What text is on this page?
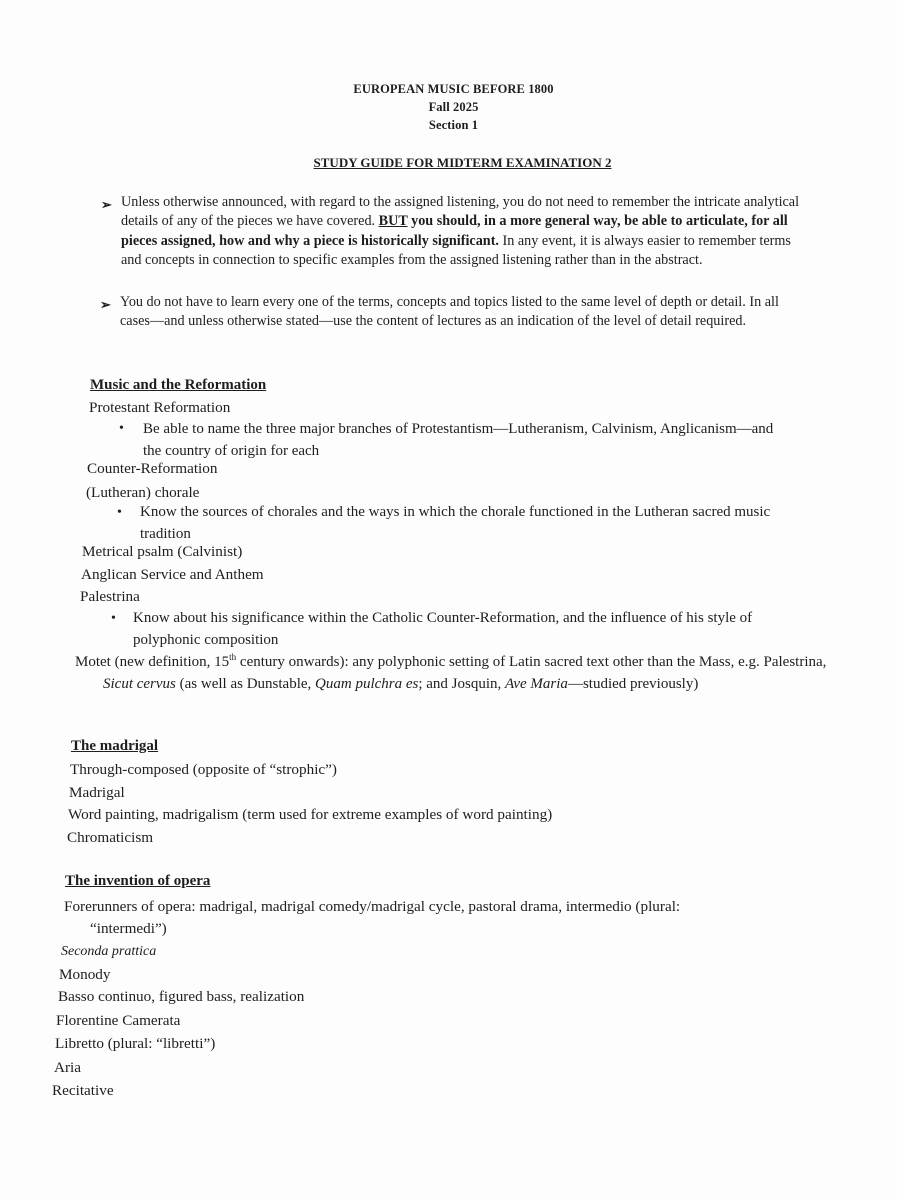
EUROPEAN MUSIC BEFORE 1800
Fall 2025
Section 1
STUDY GUIDE FOR MIDTERM EXAMINATION 2
➢ Unless otherwise announced, with regard to the assigned listening, you do not need to remember the intricate analytical details of any of the pieces we have covered. BUT you should, in a more general way, be able to articulate, for all pieces assigned, how and why a piece is historically significant. In any event, it is always easier to remember terms and concepts in connection to specific examples from the assigned listening rather than in the abstract.
➢ You do not have to learn every one of the terms, concepts and topics listed to the same level of depth or detail. In all cases—and unless otherwise stated—use the content of lectures as an indication of the level of detail required.
Music and the Reformation
Protestant Reformation
• Be able to name the three major branches of Protestantism—Lutheranism, Calvinism, Anglicanism—and the country of origin for each
Counter-Reformation
(Lutheran) chorale
• Know the sources of chorales and the ways in which the chorale functioned in the Lutheran sacred music tradition
Metrical psalm (Calvinist)
Anglican Service and Anthem
Palestrina
• Know about his significance within the Catholic Counter-Reformation, and the influence of his style of polyphonic composition
Motet (new definition, 15th century onwards): any polyphonic setting of Latin sacred text other than the Mass, e.g. Palestrina, Sicut cervus (as well as Dunstable, Quam pulchra es; and Josquin, Ave Maria—studied previously)
The madrigal
Through-composed (opposite of “strophic”)
Madrigal
Word painting, madrigalism (term used for extreme examples of word painting)
Chromaticism
The invention of opera
Forerunners of opera: madrigal, madrigal comedy/madrigal cycle, pastoral drama, intermedio (plural:
“intermedi”)
Seconda prattica
Monody
Basso continuo, figured bass, realization
Florentine Camerata
Libretto (plural: “libretti”)
Aria
Recitative
